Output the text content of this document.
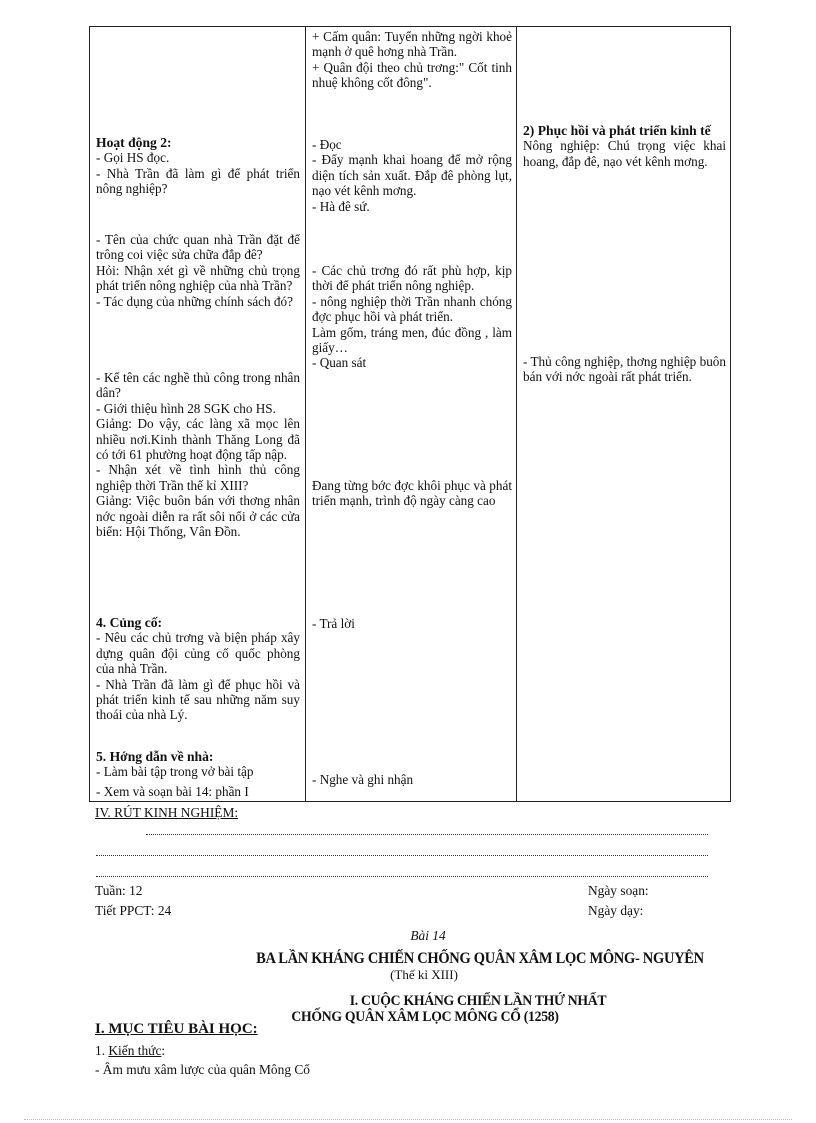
Hoạt động 2:
- Gọi HS đọc.
- Nhà Trần đã làm gì để phát triển nông nghiệp?
- Tên của chức quan nhà Trần đặt để trông coi việc sửa chữa đắp đê?
Hỏi: Nhận xét gì về những chủ trọng phát triển nông nghiệp của nhà Trần?
- Tác dụng của những chính sách đó?
- Kể tên các nghề thủ công trong nhân dân?
- Giới thiệu hình 28 SGK cho HS.
Giảng: Do vậy, các làng xã mọc lên nhiều nơi.Kinh thành Thăng Long đã có tới 61 phường hoạt động tấp nập.
- Nhận xét về tình hình thủ công nghiệp thời Trần thế kỉ XIII?
Giảng: Việc buôn bán với thơng nhân nớc ngoài diễn ra rất sôi nổi ở các cửa biển: Hội Thống, Vân Đồn.
4. Củng cố:
- Nêu các chủ trơng và biện pháp xây dựng quân đội củng cố quốc phòng của nhà Trần.
- Nhà Trần đã làm gì để phục hồi và phát triển kinh tế sau những năm suy thoái của nhà Lý.
5. Hớng dẫn về nhà:
- Làm bài tập trong vở bài tập
- Xem và soạn bài 14: phần I
+ Cấm quân: Tuyển những ngời khoẻ mạnh ở quê hơng nhà Trần.
+ Quân đội theo chủ trơng:" Cốt tinh nhuệ không cốt đông".
- Đọc
- Đẩy mạnh khai hoang để mở rộng diện tích sản xuất. Đắp đê phòng lụt, nạo vét kênh mơng.
- Hà đê sứ.
- Các chủ trơng đó rất phù hợp, kịp thời để phát triển nông nghiệp.
- nông nghiệp thời Trần nhanh chóng đợc phục hồi và phát triển.
Làm gốm, tráng men, đúc đồng , làm giấy…
- Quan sát
Đang từng bớc đợc khôi phục và phát triển mạnh, trình độ ngày càng cao
- Trả lời
- Nghe và ghi nhận
2) Phục hồi và phát triển kinh tế
Nông nghiệp: Chú trọng việc khai hoang, đắp đê, nạo vét kênh mơng.
- Thủ công nghiệp, thơng nghiệp buôn bán với nớc ngoài rất phát triển.
IV. RÚT KINH NGHIỆM:
Tuần: 12
Tiết PPCT: 24
Ngày soạn:
Ngày dạy:
Bài 14
BA LẦN KHÁNG CHIẾN CHỐNG QUÂN XÂM LỌC MÔNG- NGUYÊN
(Thế kỉ XIII)
I. CUỘC KHÁNG CHIẾN LẦN THỨ NHẤT
CHỐNG QUÂN XÂM LỌC MÔNG CỔ (1258)
I. MỤC TIÊU BÀI HỌC:
1. Kiến thức:
- Âm mưu xâm lược của quân Mông Cổ
